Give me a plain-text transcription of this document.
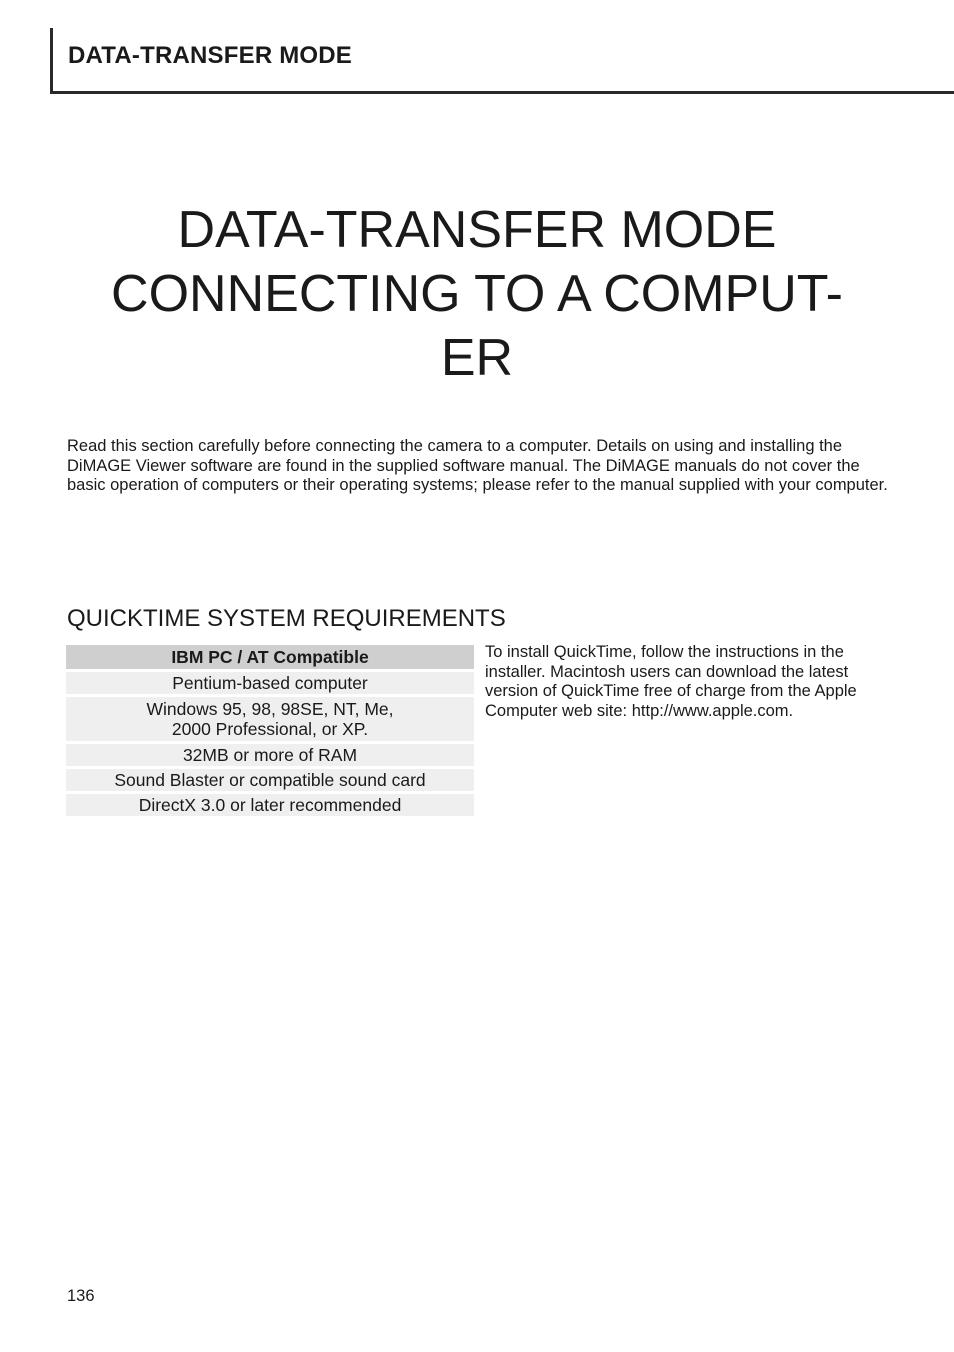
DATA-TRANSFER MODE
DATA-TRANSFER MODE
CONNECTING TO A COMPUT-
ER

Read this section carefully before connecting the camera to a computer. Details on using and installing the DiMAGE Viewer software are found in the supplied software manual. The DiMAGE manuals do not cover the basic operation of computers or their operating systems; please refer to the manual supplied with your computer.

QUICKTIME SYSTEM REQUIREMENTS
IBM PC / AT Compatible
Pentium-based computer
Windows 95, 98, 98SE, NT, Me,
2000 Professional, or XP.
32MB or more of RAM
Sound Blaster or compatible sound card
DirectX 3.0 or later recommended

To install QuickTime, follow the instructions in the installer. Macintosh users can download the latest version of QuickTime free of charge from the Apple Computer web site: http://www.apple.com.

136
